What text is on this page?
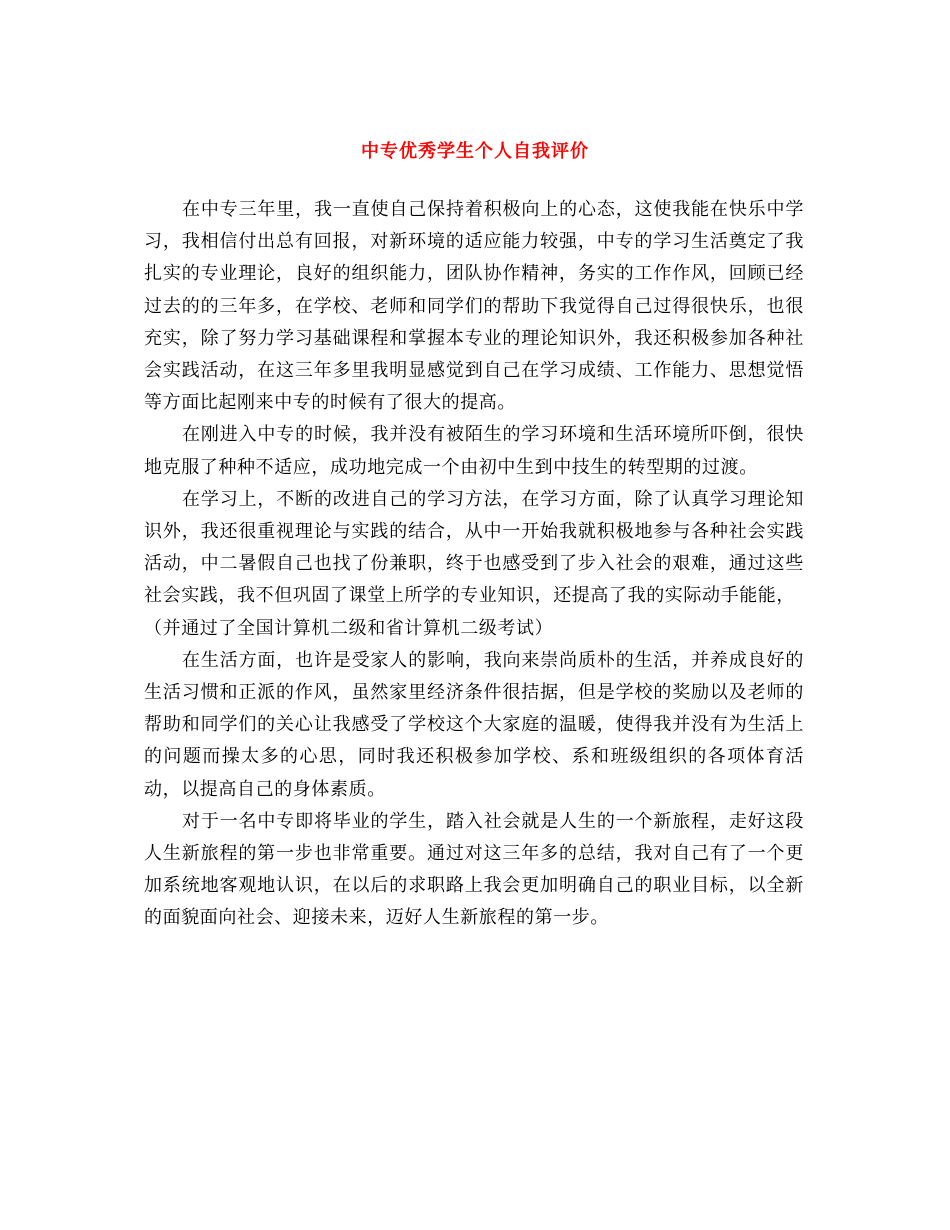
中专优秀学生个人自我评价

在中专三年里，我一直使自己保持着积极向上的心态，这使我能在快乐中学习，我相信付出总有回报，对新环境的适应能力较强，中专的学习生活奠定了我扎实的专业理论，良好的组织能力，团队协作精神，务实的工作作风，回顾已经过去的的三年多，在学校、老师和同学们的帮助下我觉得自己过得很快乐，也很充实，除了努力学习基础课程和掌握本专业的理论知识外，我还积极参加各种社会实践活动，在这三年多里我明显感觉到自己在学习成绩、工作能力、思想觉悟等方面比起刚来中专的时候有了很大的提高。

在刚进入中专的时候，我并没有被陌生的学习环境和生活环境所吓倒，很快地克服了种种不适应，成功地完成一个由初中生到中技生的转型期的过渡。

在学习上，不断的改进自己的学习方法，在学习方面，除了认真学习理论知识外，我还很重视理论与实践的结合，从中一开始我就积极地参与各种社会实践活动，中二暑假自己也找了份兼职，终于也感受到了步入社会的艰难，通过这些社会实践，我不但巩固了课堂上所学的专业知识，还提高了我的实际动手能能，

（并通过了全国计算机二级和省计算机二级考试）

在生活方面，也许是受家人的影响，我向来崇尚质朴的生活，并养成良好的生活习惯和正派的作风，虽然家里经济条件很拮据，但是学校的奖励以及老师的帮助和同学们的关心让我感受了学校这个大家庭的温暖，使得我并没有为生活上的问题而操太多的心思，同时我还积极参加学校、系和班级组织的各项体育活动，以提高自己的身体素质。

对于一名中专即将毕业的学生，踏入社会就是人生的一个新旅程，走好这段人生新旅程的第一步也非常重要。通过对这三年多的总结，我对自己有了一个更加系统地客观地认识，在以后的求职路上我会更加明确自己的职业目标，以全新的面貌面向社会、迎接未来，迈好人生新旅程的第一步。
